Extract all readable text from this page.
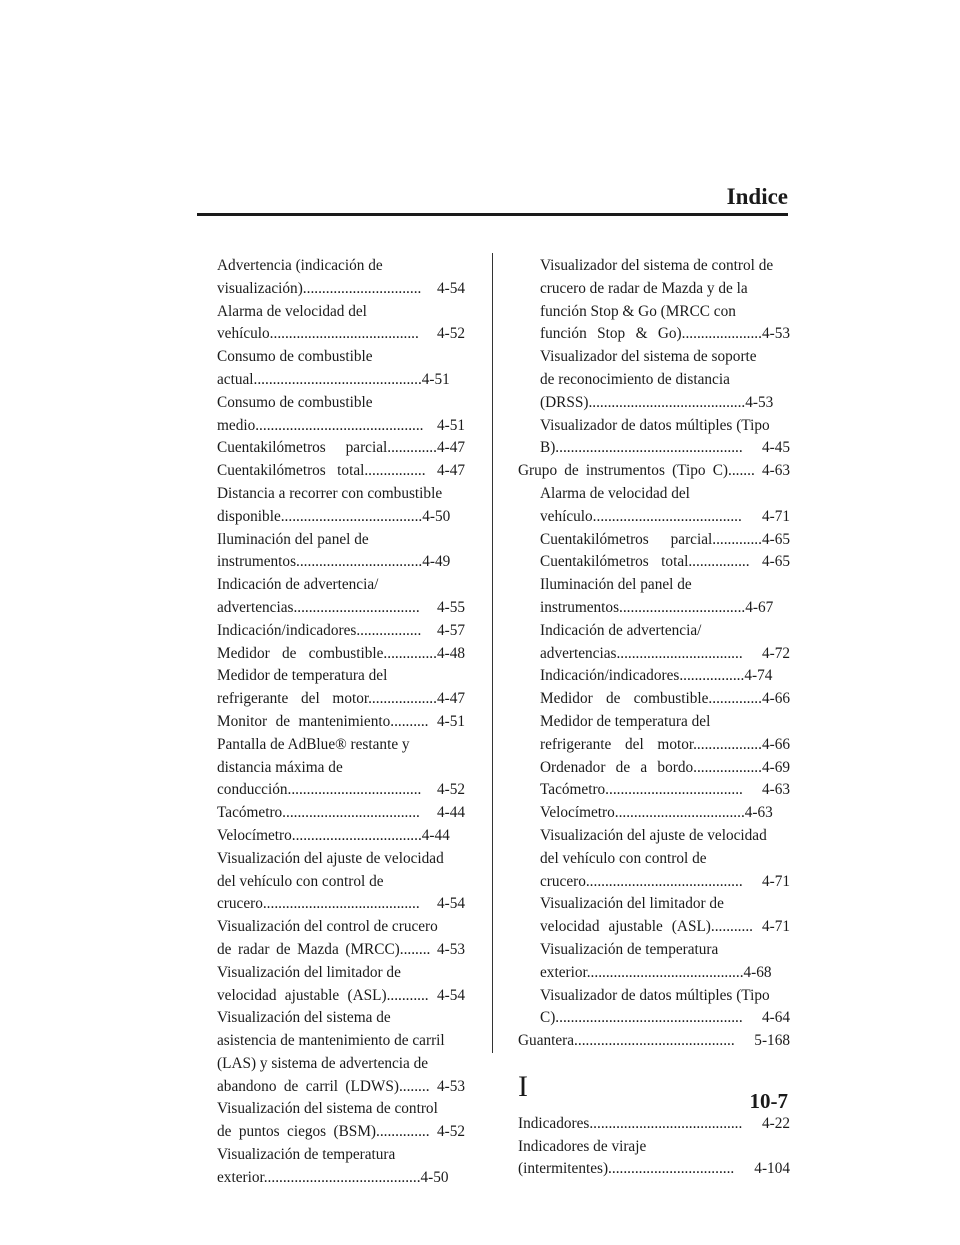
Indice
Advertencia (indicación de
visualización)............................... 4-54
Alarma de velocidad del
vehículo....................................... 4-52
Consumo de combustible
actual............................................4-51
Consumo de combustible
medio............................................ 4-51
Cuentakilómetros parcial.............4-47
Cuentakilómetros total................ 4-47
Distancia a recorrer con combustible
disponible.....................................4-50
Iluminación del panel de
instrumentos.................................4-49
Indicación de advertencia/
advertencias................................. 4-55
Indicación/indicadores................. 4-57
Medidor de combustible..............4-48
Medidor de temperatura del
refrigerante del motor..................4-47
Monitor de mantenimiento.......... 4-51
Pantalla de AdBlue® restante y
distancia máxima de
conducción................................... 4-52
Tacómetro.................................... 4-44
Velocímetro..................................4-44
Visualización del ajuste de velocidad
del vehículo con control de
crucero......................................... 4-54
Visualización del control de crucero
de radar de Mazda (MRCC)........ 4-53
Visualización del limitador de
velocidad ajustable (ASL)........... 4-54
Visualización del sistema de
asistencia de mantenimiento de carril
(LAS) y sistema de advertencia de
abandono de carril (LDWS)........ 4-53
Visualización del sistema de control
de puntos ciegos (BSM).............. 4-52
Visualización de temperatura
exterior.........................................4-50
Visualizador del sistema de control de
crucero de radar de Mazda y de la
función Stop & Go (MRCC con
función Stop & Go).....................4-53
Visualizador del sistema de soporte
de reconocimiento de distancia
(DRSS).........................................4-53
Visualizador de datos múltiples (Tipo
B)................................................. 4-45
Grupo de instrumentos (Tipo C)....... 4-63
Alarma de velocidad del
vehículo....................................... 4-71
Cuentakilómetros parcial.............4-65
Cuentakilómetros total................ 4-65
Iluminación del panel de
instrumentos.................................4-67
Indicación de advertencia/
advertencias................................. 4-72
Indicación/indicadores.................4-74
Medidor de combustible..............4-66
Medidor de temperatura del
refrigerante del motor..................4-66
Ordenador de a bordo..................4-69
Tacómetro.................................... 4-63
Velocímetro..................................4-63
Visualización del ajuste de velocidad
del vehículo con control de
crucero......................................... 4-71
Visualización del limitador de
velocidad ajustable (ASL)........... 4-71
Visualización de temperatura
exterior.........................................4-68
Visualizador de datos múltiples (Tipo
C)................................................. 4-64
Guantera.......................................... 5-168
I
Indicadores........................................ 4-22
Indicadores de viraje
(intermitentes)................................. 4-104
10-7
